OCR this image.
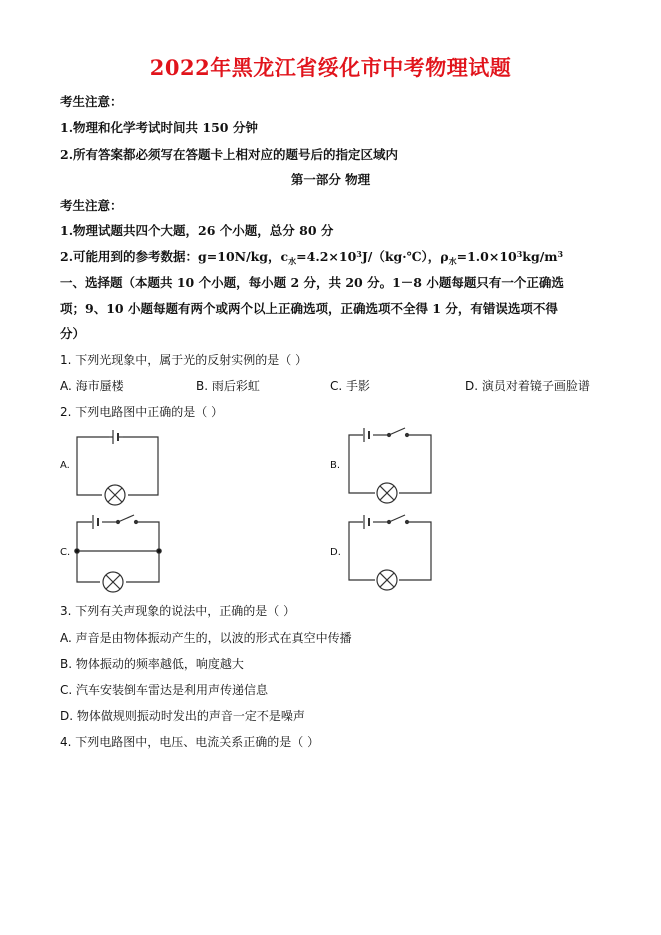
2022年黑龙江省绥化市中考物理试题
考生注意：
1.物理和化学考试时间共 150 分钟
2.所有答案都必须写在答题卡上相对应的题号后的指定区域内
第一部分 物理
考生注意：
1.物理试题共四个大题，26 个小题，总分 80 分
2.可能用到的参考数据：g=10N/kg，$c_水=4.2\times 10^3J/(kg\cdot℃)$，$\rho_水=1.0\times 10^3kg/m^3$
一、选择题（本题共 10 个小题，每小题 2 分，共 20 分。1－8 小题每题只有一个正确选
项；9、10 小题每题有两个或两个以上正确选项，正确选项不全得 1 分，有错误选项不得
分）
1. 下列光现象中，属于光的反射实例的是（ ）
A. 海市蜃楼	B. 雨后彩虹	C. 手影	D. 演员对着镜子画脸谱
2. 下列电路图中正确的是（ ）
A.	B.
C.	D.
3. 下列有关声现象的说法中，正确的是（ ）
A. 声音是由物体振动产生的，以波的形式在真空中传播
B. 物体振动的频率越低，响度越大
C. 汽车安装倒车雷达是利用声传递信息
D. 物体做规则振动时发出的声音一定不是噪声
4. 下列电路图中，电压、电流关系正确的是（ ）
